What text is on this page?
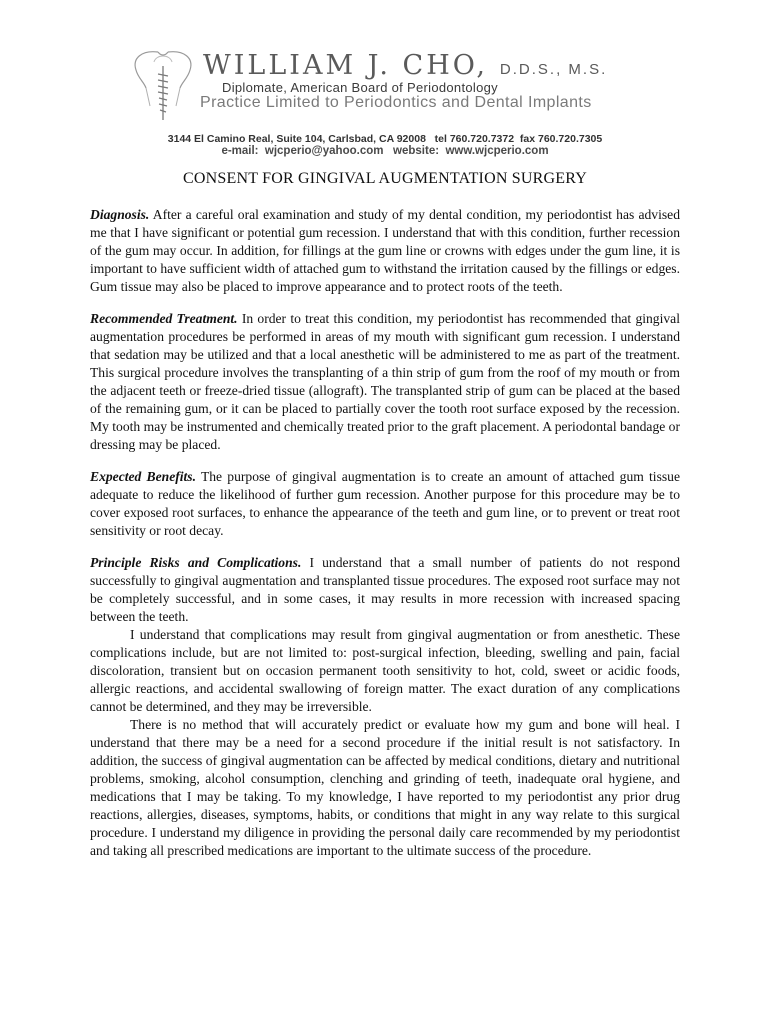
WILLIAM J. CHO, D.D.S., M.S.
Diplomate, American Board of Periodontology
Practice Limited to Periodontics and Dental Implants
3144 El Camino Real, Suite 104, Carlsbad, CA 92008   tel 760.720.7372  fax 760.720.7305
e-mail:  wjcperio@yahoo.com   website:  www.wjcperio.com
CONSENT FOR GINGIVAL AUGMENTATION SURGERY

Diagnosis. After a careful oral examination and study of my dental condition, my periodontist has advised me that I have significant or potential gum recession. I understand that with this condition, further recession of the gum may occur. In addition, for fillings at the gum line or crowns with edges under the gum line, it is important to have sufficient width of attached gum to withstand the irritation caused by the fillings or edges. Gum tissue may also be placed to improve appearance and to protect roots of the teeth.

Recommended Treatment. In order to treat this condition, my periodontist has recommended that gingival augmentation procedures be performed in areas of my mouth with significant gum recession. I understand that sedation may be utilized and that a local anesthetic will be administered to me as part of the treatment. This surgical procedure involves the transplanting of a thin strip of gum from the roof of my mouth or from the adjacent teeth or freeze-dried tissue (allograft). The transplanted strip of gum can be placed at the based of the remaining gum, or it can be placed to partially cover the tooth root surface exposed by the recession. My tooth may be instrumented and chemically treated prior to the graft placement. A periodontal bandage or dressing may be placed.

Expected Benefits. The purpose of gingival augmentation is to create an amount of attached gum tissue adequate to reduce the likelihood of further gum recession. Another purpose for this procedure may be to cover exposed root surfaces, to enhance the appearance of the teeth and gum line, or to prevent or treat root sensitivity or root decay.

Principle Risks and Complications. I understand that a small number of patients do not respond successfully to gingival augmentation and transplanted tissue procedures. The exposed root surface may not be completely successful, and in some cases, it may results in more recession with increased spacing between the teeth.

I understand that complications may result from gingival augmentation or from anesthetic. These complications include, but are not limited to: post-surgical infection, bleeding, swelling and pain, facial discoloration, transient but on occasion permanent tooth sensitivity to hot, cold, sweet or acidic foods, allergic reactions, and accidental swallowing of foreign matter. The exact duration of any complications cannot be determined, and they may be irreversible.

There is no method that will accurately predict or evaluate how my gum and bone will heal. I understand that there may be a need for a second procedure if the initial result is not satisfactory. In addition, the success of gingival augmentation can be affected by medical conditions, dietary and nutritional problems, smoking, alcohol consumption, clenching and grinding of teeth, inadequate oral hygiene, and medications that I may be taking. To my knowledge, I have reported to my periodontist any prior drug reactions, allergies, diseases, symptoms, habits, or conditions that might in any way relate to this surgical procedure. I understand my diligence in providing the personal daily care recommended by my periodontist and taking all prescribed medications are important to the ultimate success of the procedure.
